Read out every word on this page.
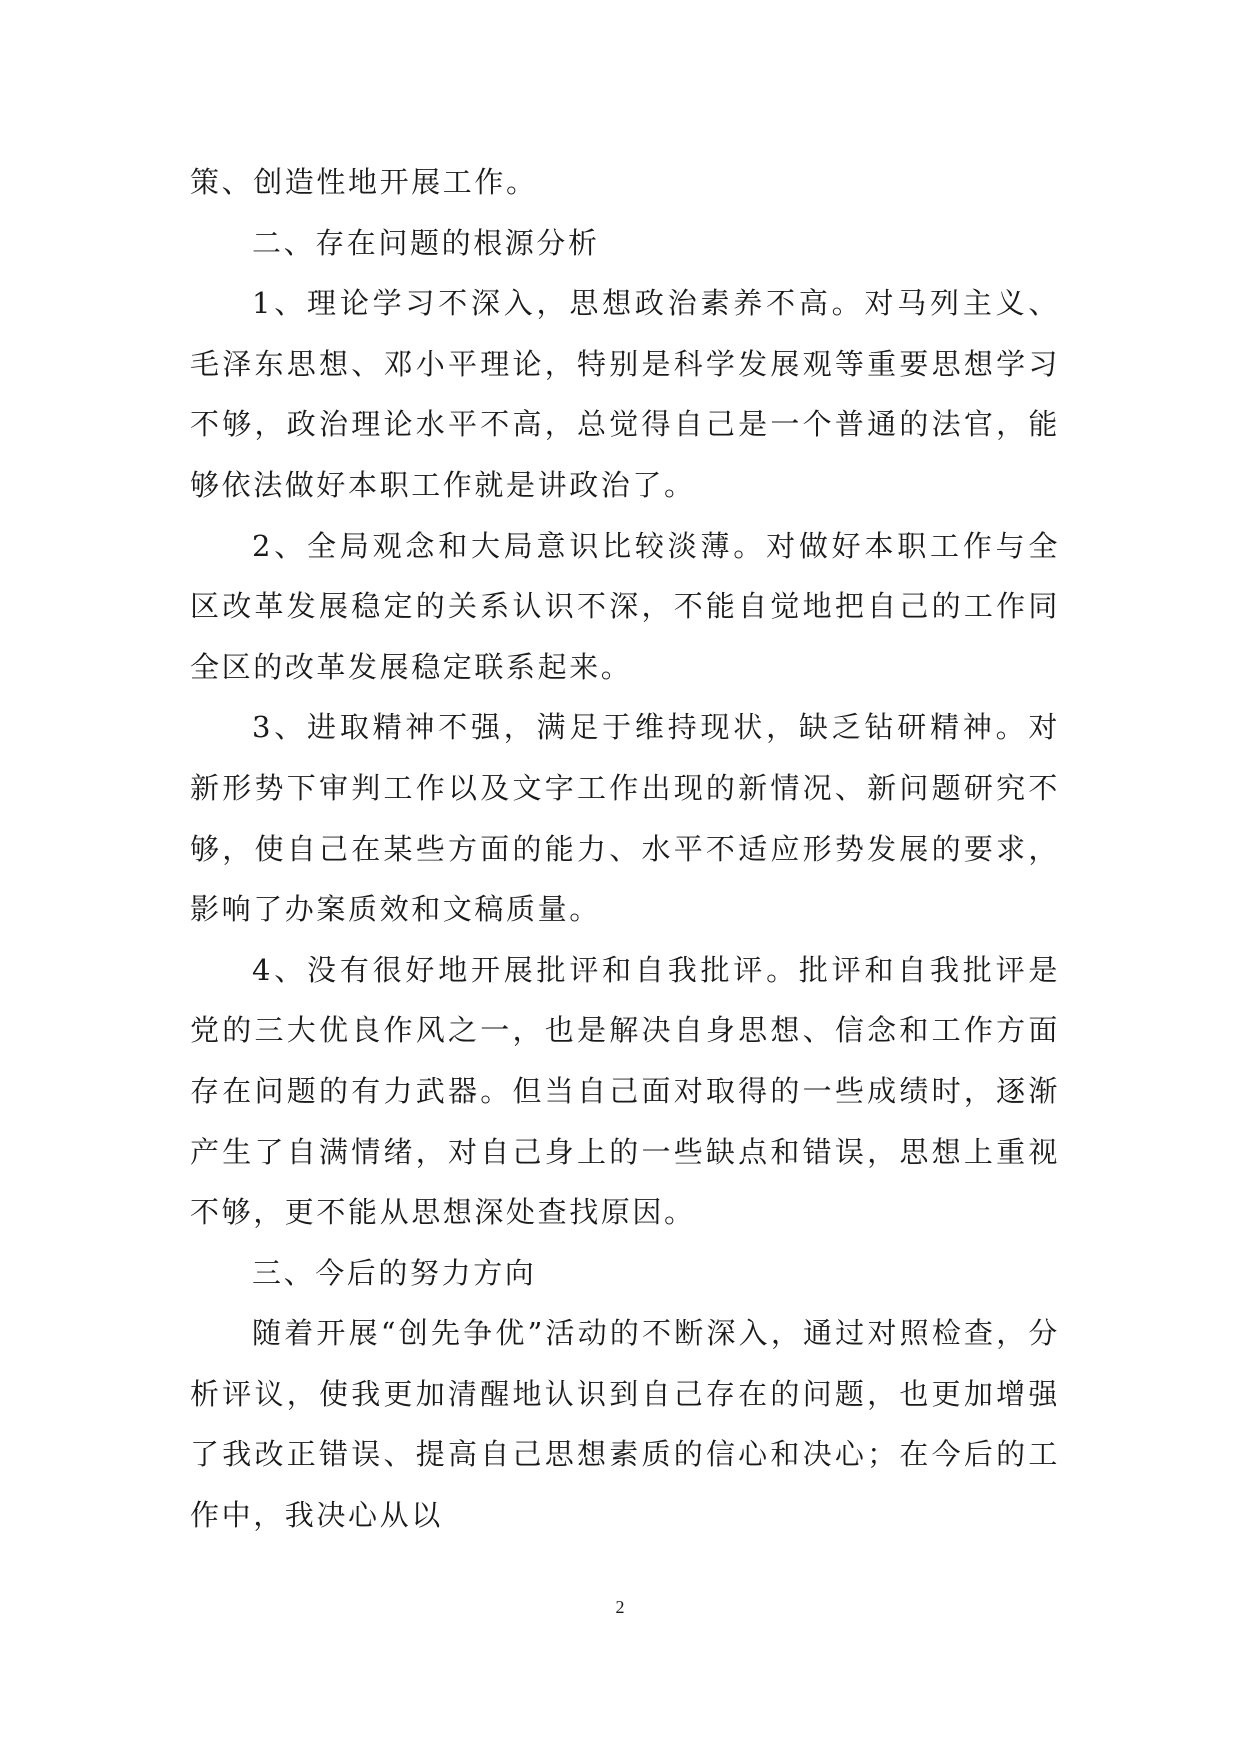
策、创造性地开展工作。

二、存在问题的根源分析

1、理论学习不深入，思想政治素养不高。对马列主义、毛泽东思想、邓小平理论，特别是科学发展观等重要思想学习不够，政治理论水平不高，总觉得自己是一个普通的法官，能够依法做好本职工作就是讲政治了。

2、全局观念和大局意识比较淡薄。对做好本职工作与全区改革发展稳定的关系认识不深，不能自觉地把自己的工作同全区的改革发展稳定联系起来。

3、进取精神不强，满足于维持现状，缺乏钻研精神。对新形势下审判工作以及文字工作出现的新情况、新问题研究不够，使自己在某些方面的能力、水平不适应形势发展的要求，影响了办案质效和文稿质量。

4、没有很好地开展批评和自我批评。批评和自我批评是党的三大优良作风之一，也是解决自身思想、信念和工作方面存在问题的有力武器。但当自己面对取得的一些成绩时，逐渐产生了自满情绪，对自己身上的一些缺点和错误，思想上重视不够，更不能从思想深处查找原因。

三、今后的努力方向

随着开展“创先争优”活动的不断深入，通过对照检查，分析评议，使我更加清醒地认识到自己存在的问题，也更加增强了我改正错误、提高自己思想素质的信心和决心；在今后的工作中，我决心从以

2
